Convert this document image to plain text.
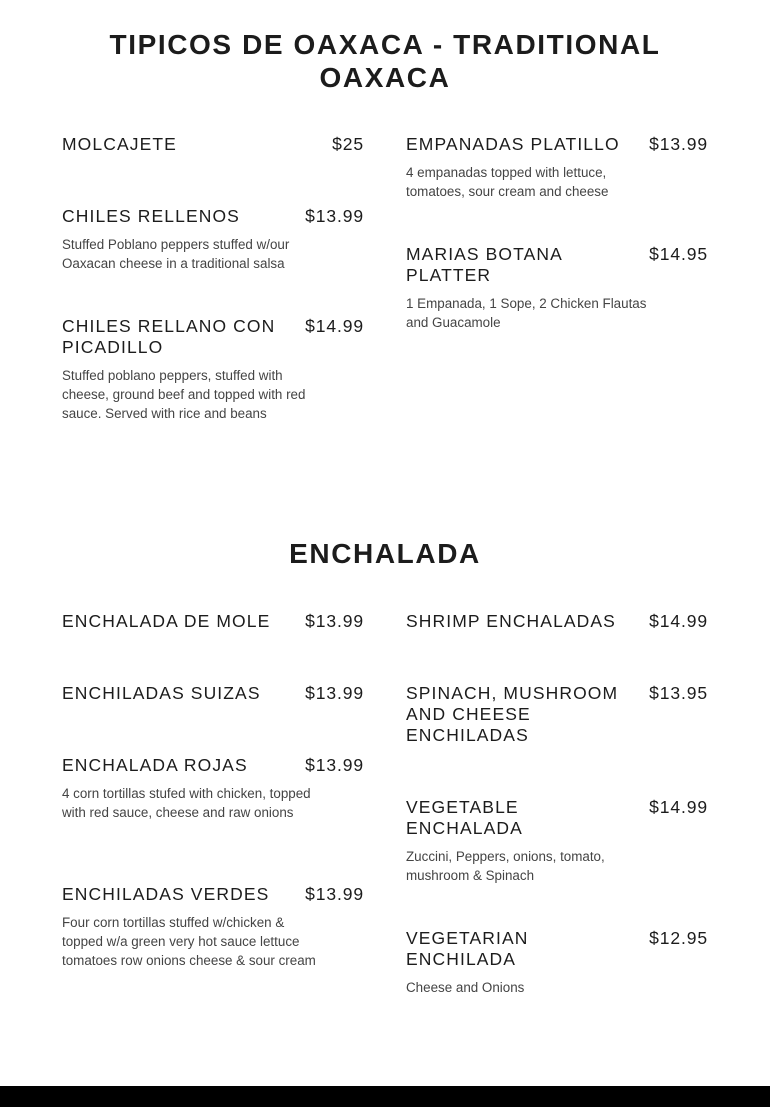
TIPICOS DE OAXACA - TRADITIONAL OAXACA
MOLCAJETE	$25 EMPANADAS PLATILLO	$13.99
4 empanadas topped with lettuce, tomatoes, sour cream and cheese
CHILES RELLENOS	$13.99
Stuffed Poblano peppers stuffed w/our Oaxacan cheese in a traditional salsa	MARIAS BOTANA PLATTER
$14.95
1 Empanada, 1 Sope, 2 Chicken Flautas and Guacamole
CHILES RELLANO CON PICADILLO
$14.99
Stuffed poblano peppers, stuffed with cheese, ground beef and topped with red sauce. Served with rice and beans
ENCHALADA
ENCHALADA DE MOLE	$13.99 SHRIMP ENCHALADAS	$14.99
ENCHILADAS SUIZAS	$13.99 SPINACH, MUSHROOM AND CHEESE ENCHILADAS
$13.95
ENCHALADA ROJAS	$13.99
4 corn tortillas stufed with chicken, topped with red sauce, cheese and raw onions	VEGETABLE ENCHALADA
$14.99
Zuccini, Peppers, onions, tomato, mushroom & Spinach
ENCHILADAS VERDES	$13.99
Four corn tortillas stuffed w/chicken & topped w/a green very hot sauce lettuce tomatoes row onions cheese & sour cream
VEGETARIAN ENCHILADA
$12.95
Cheese and Onions
